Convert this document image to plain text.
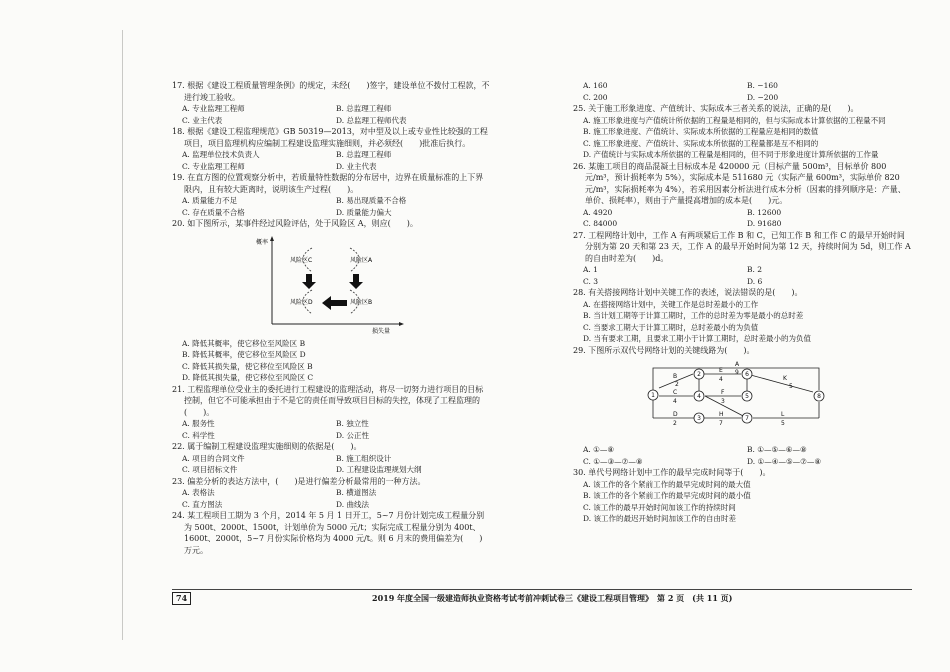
17. 根据《建设工程质量管理条例》的规定，未经(　　)签字，建设单位不拨付工程款，不进行竣工验收。
A. 专业监理工程师	B. 总监理工程师
C. 业主代表	D. 总监理工程师代表
18. 根据《建设工程监理规范》GB 50319—2013，对中型及以上或专业性比较强的工程项目，项目监理机构应编制工程建设监理实施细则，并必须经(　　)批准后执行。
A. 监理单位技术负责人	B. 总监理工程师
C. 专业监理工程师	D. 业主代表
19. 在直方图的位置观察分析中，若质量特性数据的分布居中，边界在质量标准的上下界限内，且有较大距离时，说明该生产过程(　　)。
A. 质量能力不足	B. 易出现质量不合格
C. 存在质量不合格	D. 质量能力偏大
20. 如下图所示，某事件经过风险评估，处于风险区 A，则应(　　)。
概率
损失量
风险区C	风险区A
风险区D	风险区B
A. 降低其概率，使它移位至风险区 B
B. 降低其概率，使它移位至风险区 D
C. 降低其损失量，使它移位至风险区 B
D. 降低其损失量，使它移位至风险区 C
21. 工程监理单位受业主的委托进行工程建设的监理活动，将尽一切努力进行项目的目标控制，但它不可能承担由于不是它的责任而导致项目目标的失控，体现了工程监理的(　　)。
A. 服务性	B. 独立性
C. 科学性	D. 公正性
22. 属于编制工程建设监理实施细则的依据是(　　)。
A. 项目的合同文件	B. 施工组织设计
C. 项目招标文件	D. 工程建设监理规划大纲
23. 偏差分析的表达方法中，(　　)是进行偏差分析最常用的一种方法。
A. 表格法	B. 横道图法
C. 直方图法	D. 曲线法
24. 某工程项目工期为 3 个月，2014 年 5 月 1 日开工，5~7 月份计划完成工程量分别为 500t、2000t、1500t，计划单价为 5000 元/t；实际完成工程量分别为 400t、1600t、2000t，5~7 月份实际价格均为 4000 元/t。则 6 月末的费用偏差为(　　)万元。
A. 160	B. −160
C. 200	D. −200
25. 关于施工形象进度、产值统计、实际成本三者关系的说法，正确的是(　　)。
A. 施工形象进度与产值统计所依据的工程量是相同的，但与实际成本计算依据的工程量不同
B. 施工形象进度、产值统计、实际成本所依据的工程量应是相同的数值
C. 施工形象进度、产值统计、实际成本所依据的工程量都是互不相同的
D. 产值统计与实际成本所依据的工程量是相同的，但不同于形象进度计算所依据的工作量
26. 某施工项目的商品混凝土目标成本是 420000 元（目标产量 500m³，目标单价 800 元/m³，预计损耗率为 5%），实际成本是 511680 元（实际产量 600m³，实际单价 820 元/m³，实际损耗率为 4%），若采用因素分析法进行成本分析（因素的排列顺序是：产量、单价、损耗率），则由于产量提高增加的成本是(　　)元。
A. 4920	B. 12600
C. 84000	D. 91680
27. 工程网络计划中，工作 A 有两项紧后工作 B 和 C，已知工作 B 和工作 C 的最早开始时间分别为第 20 天和第 23 天，工作 A 的最早开始时间为第 12 天，持续时间为 5d，则工作 A 的自由时差为(　　)d。
A. 1	B. 2
C. 3	D. 6
28. 有关搭接网络计划中关键工作的表述，说法错误的是(　　)。
A. 在搭接网络计划中，关键工作是总时差最小的工作
B. 当计划工期等于计算工期时，工作的总时差为零是最小的总时差
C. 当要求工期大于计算工期时，总时差最小的为负值
D. 当有要求工期，且要求工期小于计算工期时，总时差最小的为负值
29. 下图所示双代号网络计划的关键线路为(　　)。
A
9
B
2
E
4	K
5
C
4
F
3
D
2
H
7
L
5
1
2
3
4	5
6
7
8
A. ①—⑧	B. ①—⑤—⑥—⑧
C. ①—③—⑦—⑧	D. ①—④—⑤—⑦—⑧
30. 单代号网络计划中工作的最早完成时间等于(　　)。
A. 该工作的各个紧前工作的最早完成时间的最大值
B. 该工作的各个紧前工作的最早完成时间的最小值
C. 该工作的最早开始时间加该工作的持续时间
D. 该工作的最迟开始时间加该工作的自由时差
74	2019 年度全国一级建造师执业资格考试考前冲刺试卷三《建设工程项目管理》　第 2 页　(共 11 页)
